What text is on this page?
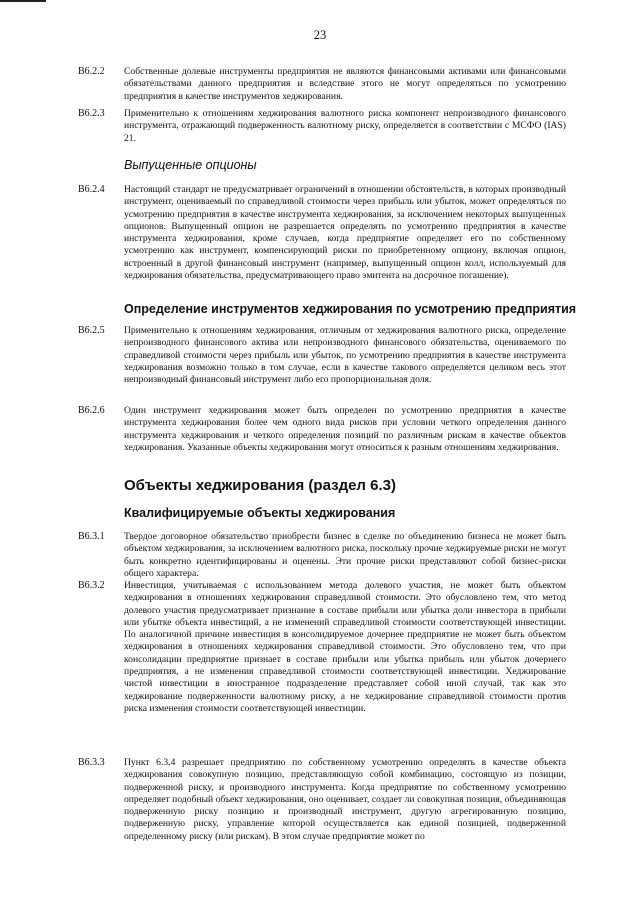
23
B6.2.2	Собственные долевые инструменты предприятия не являются финансовыми активами или финансовыми обязательствами данного предприятия и вследствие этого не могут определяться по усмотрению предприятия в качестве инструментов хеджирования.
B6.2.3	Применительно к отношениям хеджирования валютного риска компонент непроизводного финансового инструмента, отражающий подверженность валютному риску, определяется в соответствии с МСФО (IAS) 21.
Выпущенные опционы
B6.2.4	Настоящий стандарт не предусматривает ограничений в отношении обстоятельств, в которых производный инструмент, оцениваемый по справедливой стоимости через прибыль или убыток, может определяться по усмотрению предприятия в качестве инструмента хеджирования, за исключением некоторых выпущенных опционов. Выпущенный опцион не разрешается определять по усмотрению предприятия в качестве инструмента хеджирования, кроме случаев, когда предприятие определяет его по собственному усмотрению как инструмент, компенсирующий риски по приобретенному опциону, включая опцион, встроенный в другой финансовый инструмент (например, выпущенный опцион колл, используемый для хеджирования обязательства, предусматривающего право эмитента на досрочное погашение).
Определение инструментов хеджирования по усмотрению предприятия
B6.2.5	Применительно к отношениям хеджирования, отличным от хеджирования валютного риска, определение непроизводного финансового актива или непроизводного финансового обязательства, оцениваемого по справедливой стоимости через прибыль или убыток, по усмотрению предприятия в качестве инструмента хеджирования возможно только в том случае, если в качестве такового определяется целиком весь этот непроизводный финансовый инструмент либо его пропорциональная доля.
B6.2.6	Один инструмент хеджирования может быть определен по усмотрению предприятия в качестве инструмента хеджирования более чем одного вида рисков при условии четкого определения данного инструмента хеджирования и четкого определения позиций по различным рискам в качестве объектов хеджирования. Указанные объекты хеджирования могут относиться к разным отношениям хеджирования.
Объекты хеджирования (раздел 6.3)
Квалифицируемые объекты хеджирования
B6.3.1	Твердое договорное обязательство приобрести бизнес в сделке по объединению бизнеса не может быть объектом хеджирования, за исключением валютного риска, поскольку прочие хеджируемые риски не могут быть конкретно идентифицированы и оценены. Эти прочие риски представляют собой бизнес-риски общего характера.
B6.3.2	Инвестиция, учитываемая с использованием метода долевого участия, не может быть объектом хеджирования в отношениях хеджирования справедливой стоимости. Это обусловлено тем, что метод долевого участия предусматривает признание в составе прибыли или убытка доли инвестора в прибыли или убытке объекта инвестиций, а не изменений справедливой стоимости соответствующей инвестиции. По аналогичной причине инвестиция в консолидируемое дочернее предприятие не может быть объектом хеджирования в отношениях хеджирования справедливой стоимости. Это обусловлено тем, что при консолидации предприятие признает в составе прибыли или убытка прибыль или убыток дочернего предприятия, а не изменения справедливой стоимости соответствующей инвестиции. Хеджирование чистой инвестиции в иностранное подразделение представляет собой иной случай, так как это хеджирование подверженности валютному риску, а не хеджирование справедливой стоимости против риска изменения стоимости соответствующей инвестиции.
B6.3.3	Пункт 6.3.4 разрешает предприятию по собственному усмотрению определять в качестве объекта хеджирования совокупную позицию, представляющую собой комбинацию, состоящую из позиции, подверженной риску, и производного инструмента. Когда предприятие по собственному усмотрению определяет подобный объект хеджирования, оно оценивает, создает ли совокупная позиция, объединяющая подверженную риску позицию и производный инструмент, другую агрегированную позицию, подверженную риску, управление которой осуществляется как единой позицией, подверженной определенному риску (или рискам). В этом случае предприятие может по
